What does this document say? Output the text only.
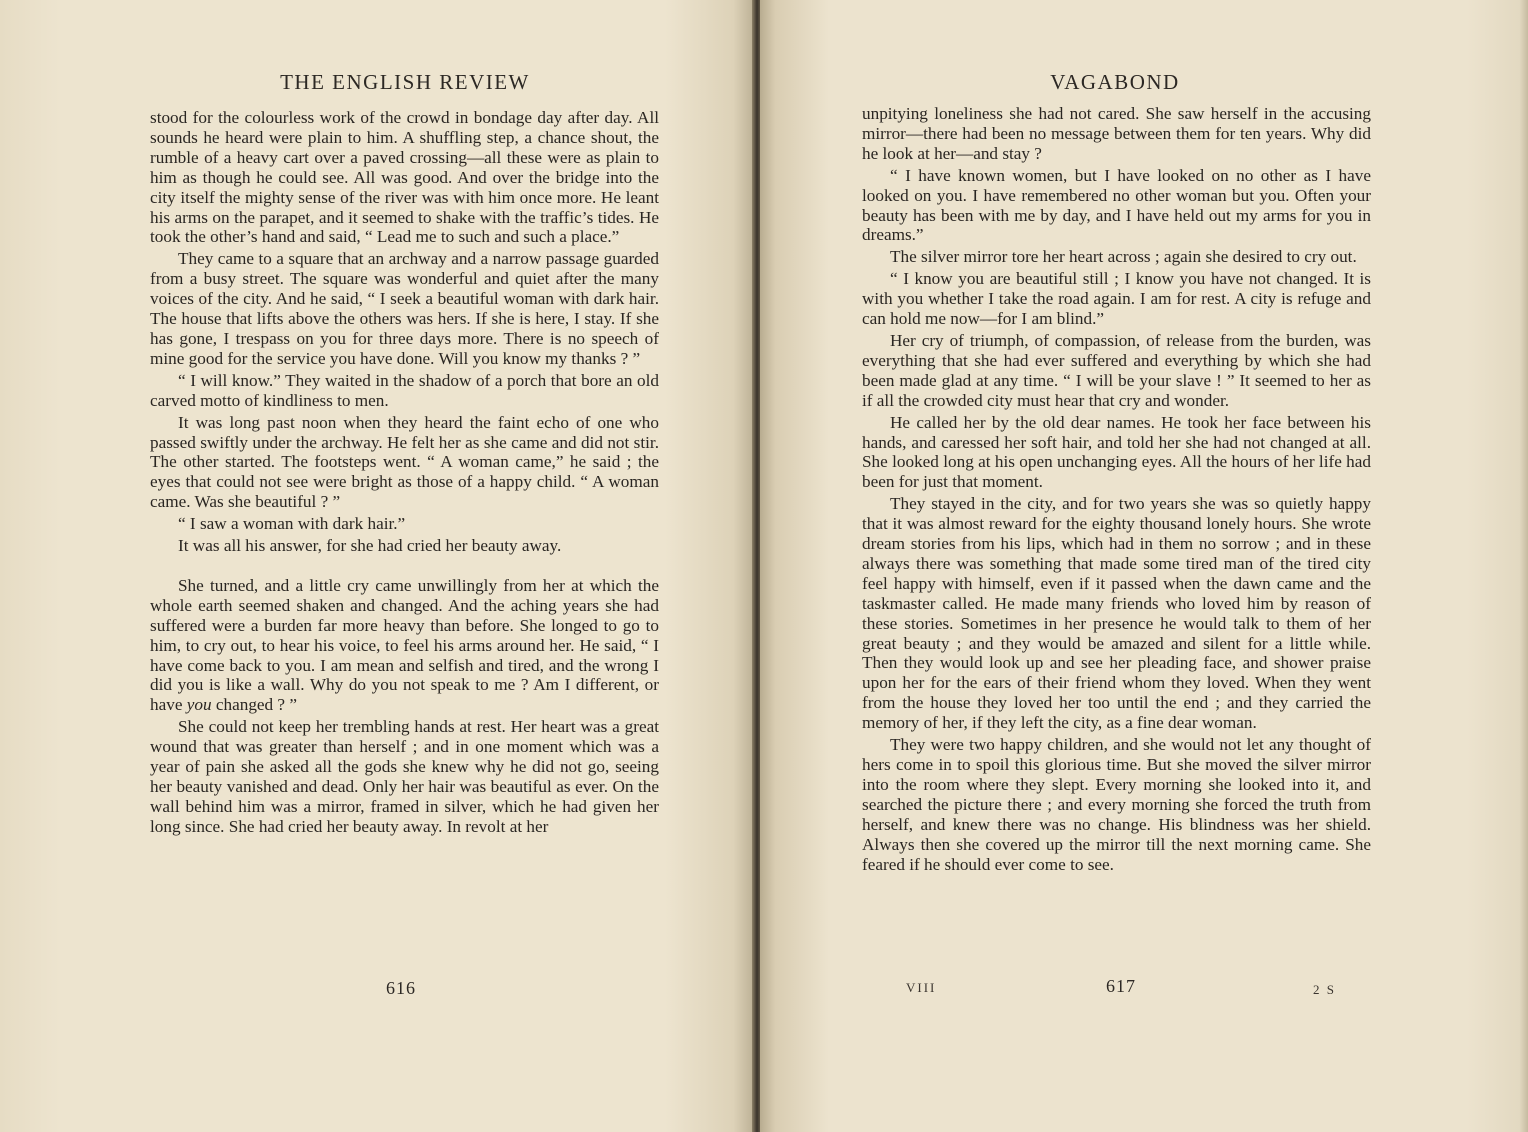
THE ENGLISH REVIEW

stood for the colourless work of the crowd in bondage day after day. All sounds he heard were plain to him. A shuffling step, a chance shout, the rumble of a heavy cart over a paved crossing—all these were as plain to him as though he could see. All was good. And over the bridge into the city itself the mighty sense of the river was with him once more. He leant his arms on the parapet, and it seemed to shake with the traffic’s tides. He took the other’s hand and said, “ Lead me to such and such a place.”

They came to a square that an archway and a narrow passage guarded from a busy street. The square was wonderful and quiet after the many voices of the city. And he said, “ I seek a beautiful woman with dark hair. The house that lifts above the others was hers. If she is here, I stay. If she has gone, I trespass on you for three days more. There is no speech of mine good for the service you have done. Will you know my thanks ? ”

“ I will know.” They waited in the shadow of a porch that bore an old carved motto of kindliness to men.

It was long past noon when they heard the faint echo of one who passed swiftly under the archway. He felt her as she came and did not stir. The other started. The footsteps went. “ A woman came,” he said ; the eyes that could not see were bright as those of a happy child. “ A woman came. Was she beautiful ? ”

“ I saw a woman with dark hair.”

It was all his answer, for she had cried her beauty away.

She turned, and a little cry came unwillingly from her at which the whole earth seemed shaken and changed. And the aching years she had suffered were a burden far more heavy than before. She longed to go to him, to cry out, to hear his voice, to feel his arms around her. He said, “ I have come back to you. I am mean and selfish and tired, and the wrong I did you is like a wall. Why do you not speak to me ? Am I different, or have you changed ? ”

She could not keep her trembling hands at rest. Her heart was a great wound that was greater than herself ; and in one moment which was a year of pain she asked all the gods she knew why he did not go, seeing her beauty vanished and dead. Only her hair was beautiful as ever. On the wall behind him was a mirror, framed in silver, which he had given her long since. She had cried her beauty away. In revolt at her

616
VAGABOND

unpitying loneliness she had not cared. She saw herself in the accusing mirror—there had been no message between them for ten years. Why did he look at her—and stay ?

“ I have known women, but I have looked on no other as I have looked on you. I have remembered no other woman but you. Often your beauty has been with me by day, and I have held out my arms for you in dreams.”

The silver mirror tore her heart across ; again she desired to cry out.

“ I know you are beautiful still ; I know you have not changed. It is with you whether I take the road again. I am for rest. A city is refuge and can hold me now—for I am blind.”

Her cry of triumph, of compassion, of release from the burden, was everything that she had ever suffered and everything by which she had been made glad at any time. “ I will be your slave ! ” It seemed to her as if all the crowded city must hear that cry and wonder.

He called her by the old dear names. He took her face between his hands, and caressed her soft hair, and told her she had not changed at all. She looked long at his open unchanging eyes. All the hours of her life had been for just that moment.

They stayed in the city, and for two years she was so quietly happy that it was almost reward for the eighty thousand lonely hours. She wrote dream stories from his lips, which had in them no sorrow ; and in these always there was something that made some tired man of the tired city feel happy with himself, even if it passed when the dawn came and the taskmaster called. He made many friends who loved him by reason of these stories. Sometimes in her presence he would talk to them of her great beauty ; and they would be amazed and silent for a little while. Then they would look up and see her pleading face, and shower praise upon her for the ears of their friend whom they loved. When they went from the house they loved her too until the end ; and they carried the memory of her, if they left the city, as a fine dear woman.

They were two happy children, and she would not let any thought of hers come in to spoil this glorious time. But she moved the silver mirror into the room where they slept. Every morning she looked into it, and searched the picture there ; and every morning she forced the truth from herself, and knew there was no change. His blindness was her shield. Always then she covered up the mirror till the next morning came. She feared if he should ever come to see.

VIII	617	2 S
